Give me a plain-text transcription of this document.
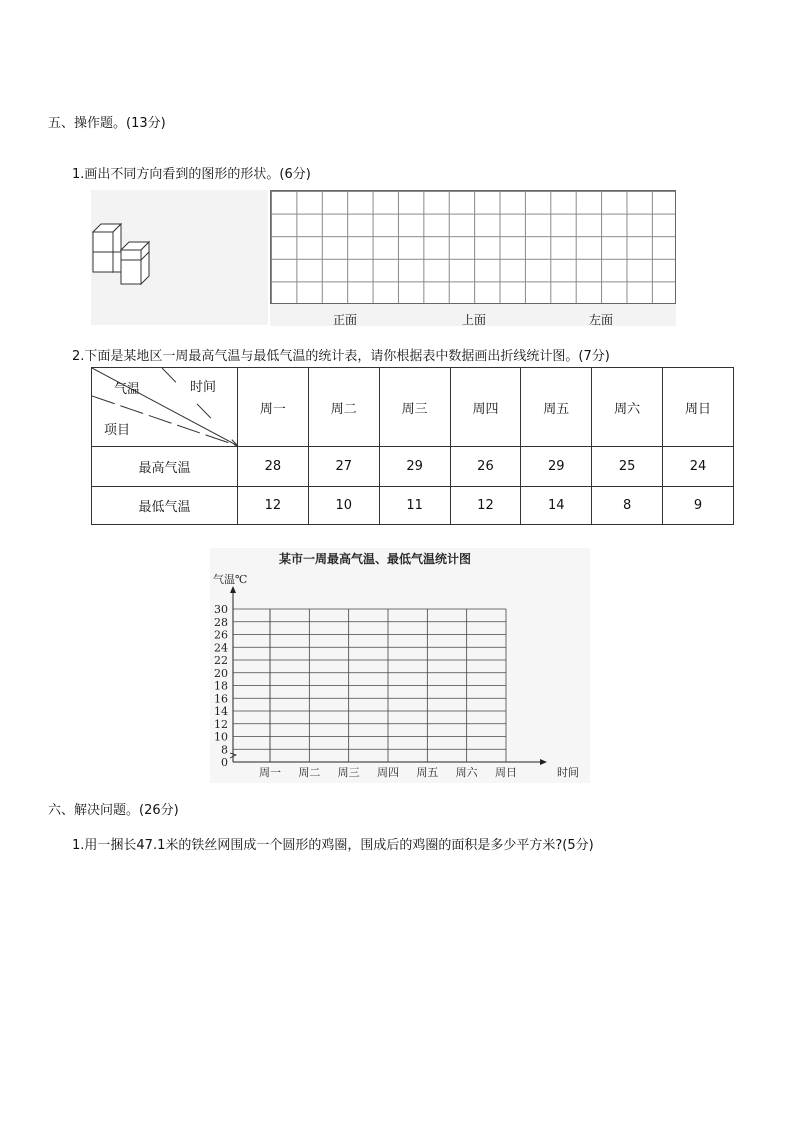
五、操作题。(13分)
1.画出不同方向看到的图形的形状。(6分)
正面	上面	左面
2.下面是某地区一周最高气温与最低气温的统计表，请你根据表中数据画出折线统计图。(7分)
气温 时间
项目	周一	周二	周三	周四	周五	周六	周日
最高气温	28	27	29	26	29	25	24
最低气温	12	10	11	12	14	8	9
某市一周最高气温、最低气温统计图
气温℃
时间
0
8
10
12
14
16
18
20
22
24
26
28
30
周一 周二 周三 周四 周五 周六 周日
六、解决问题。(26分)
1.用一捆长47.1米的铁丝网围成一个圆形的鸡圈，围成后的鸡圈的面积是多少平方米?(5分)
